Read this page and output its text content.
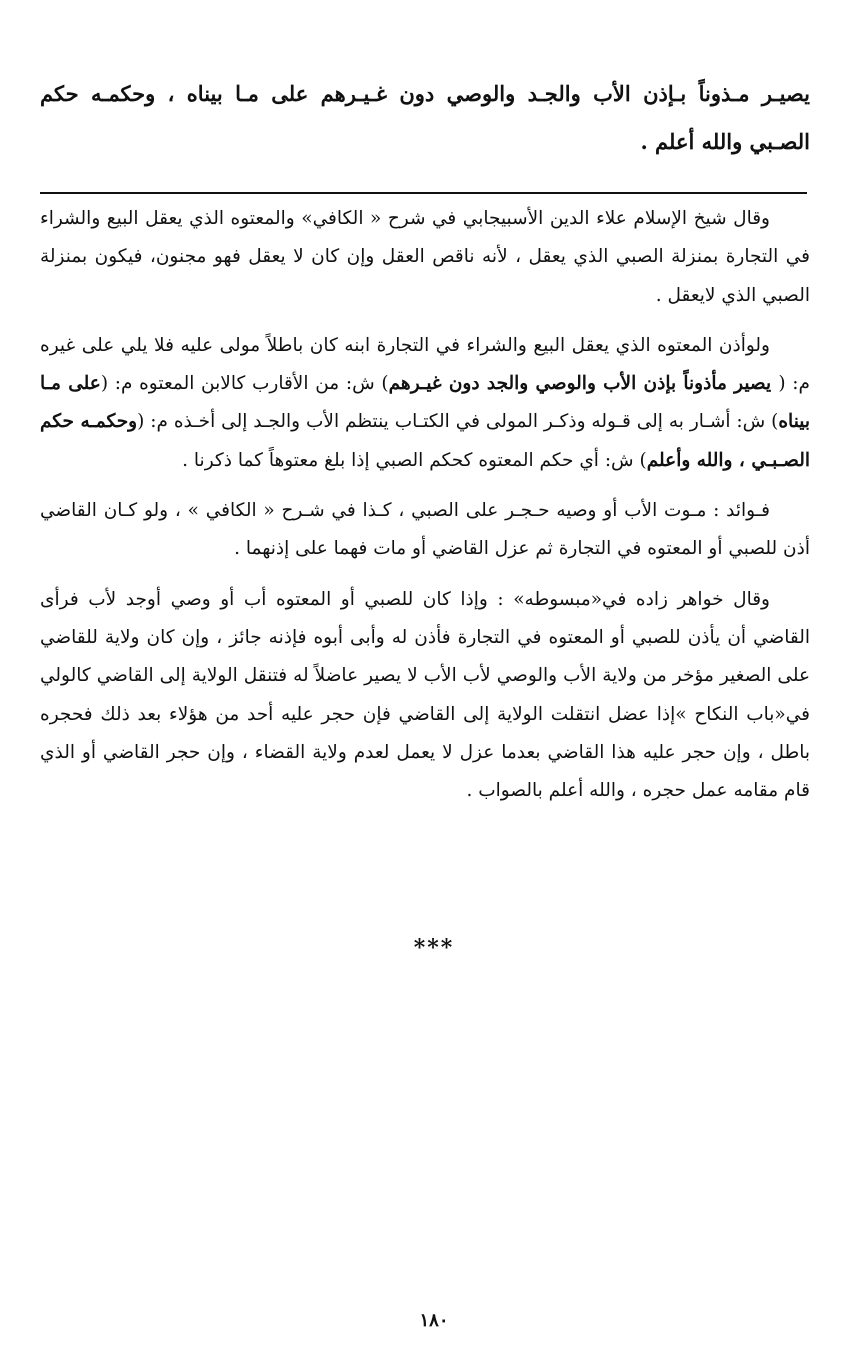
يصيـر مـذوناً بـإذن الأب والجـد والوصي دون غـيـرهم على مـا بيناه ، وحكمـه حكم الصـبي والله أعلم .

وقال شيخ الإسلام علاء الدين الأسبيجابي في شرح « الكافي» والمعتوه الذي يعقل البيع والشراء في التجارة بمنزلة الصبي الذي يعقل ، لأنه ناقص العقل وإن كان لا يعقل فهو مجنون، فيكون بمنزلة الصبي الذي لايعقل .

ولوأذن المعتوه الذي يعقل البيع والشراء في التجارة ابنه كان باطلاً مولى عليه فلا يلي على غيره م: ( يصير مأذوناً بإذن الأب والوصي والجد دون غيـرهم) ش: من الأقارب كالابن المعتوه م: (على مـا بيناه) ش: أشـار به إلى قـوله وذكـر المولى في الكتـاب ينتظم الأب والجـد إلى أخـذه م: (وحكمـه حكم الصـبـي ، والله وأعلم) ش: أي حكم المعتوه كحكم الصبي إذا بلغ معتوهاً كما ذكرنا .

فـوائد : مـوت الأب أو وصيه حـجـر على الصبي ، كـذا في شـرح « الكافي » ، ولو كـان القاضي أذن للصبي أو المعتوه في التجارة ثم عزل القاضي أو مات فهما على إذنهما .

وقال خواهر زاده في«مبسوطه» : وإذا كان للصبي أو المعتوه أب أو وصي أوجد لأب فرأى القاضي أن يأذن للصبي أو المعتوه في التجارة فأذن له وأبى أبوه فإذنه جائز ، وإن كان ولاية للقاضي على الصغير مؤخر من ولاية الأب والوصي لأب الأب لا يصير عاضلاً له فتنقل الولاية إلى القاضي كالولي في«باب النكاح »إذا عضل انتقلت الولاية إلى القاضي فإن حجر عليه أحد من هؤلاء بعد ذلك فحجره باطل ، وإن حجر عليه هذا القاضي بعدما عزل لا يعمل لعدم ولاية القضاء ، وإن حجر القاضي أو الذي قام مقامه عمل حجره ، والله أعلم بالصواب .

***
١٨٠
